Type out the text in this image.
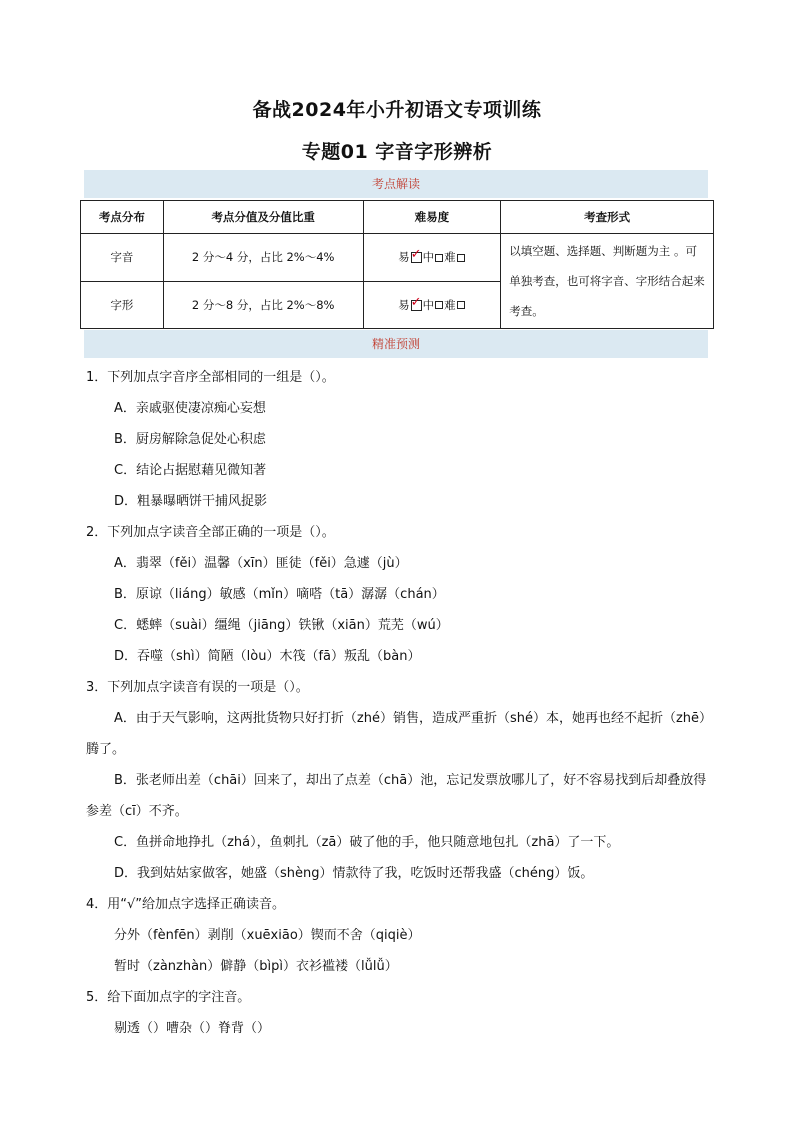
备战2024年小升初语文专项训练
专题01 字音字形辨析
考点解读
考点分布	考点分值及分值比重	难易度	考查形式
字音	2 分～4 分，占比 2%～4%	易 ✓ 中 难	以填空题、选择题、判断题为主 。可单独考查，也可将字音、字形结合起来考查。
字形	2 分～8 分，占比 2%～8%	易 ✓ 中 难	
精准预测

1．下列加点字音序全部相同的一组是（）。

A．亲戚驱使凄凉痴心妄想

B．厨房解除急促处心积虑

C．结论占据慰藉见微知著

D．粗暴曝晒饼干捕风捉影

2．下列加点字读音全部正确的一项是（）。

A．翡翠（fěi）温馨（xīn）匪徒（fěi）急遽（jù）

B．原谅（liáng）敏感（mǐn）嘀嗒（tā）潺潺（chán）

C．蟋蟀（suài）缰绳（jiāng）铁锹（xiān）荒芜（wú）

D．吞噬（shì）简陋（lòu）木筏（fā）叛乱（bàn）

3．下列加点字读音有误的一项是（）。

A．由于天气影响，这两批货物只好打折（zhé）销售，造成严重折（shé）本，她再也经不起折（zhē）腾了。

B．张老师出差（chāi）回来了，却出了点差（chā）池，忘记发票放哪儿了，好不容易找到后却叠放得参差（cī）不齐。

C．鱼拼命地挣扎（zhá），鱼刺扎（zā）破了他的手，他只随意地包扎（zhā）了一下。

D．我到姑姑家做客，她盛（shèng）情款待了我，吃饭时还帮我盛（chéng）饭。

4．用“√”给加点字选择正确读音。

分外（fènfēn）剥削（xuēxiāo）锲而不舍（qiqiè）

暂时（zànzhàn）僻静（bìpì）衣衫褴褛（lǚlǚ）

5．给下面加点字的字注音。

剔透（）嘈杂（）脊背（）
